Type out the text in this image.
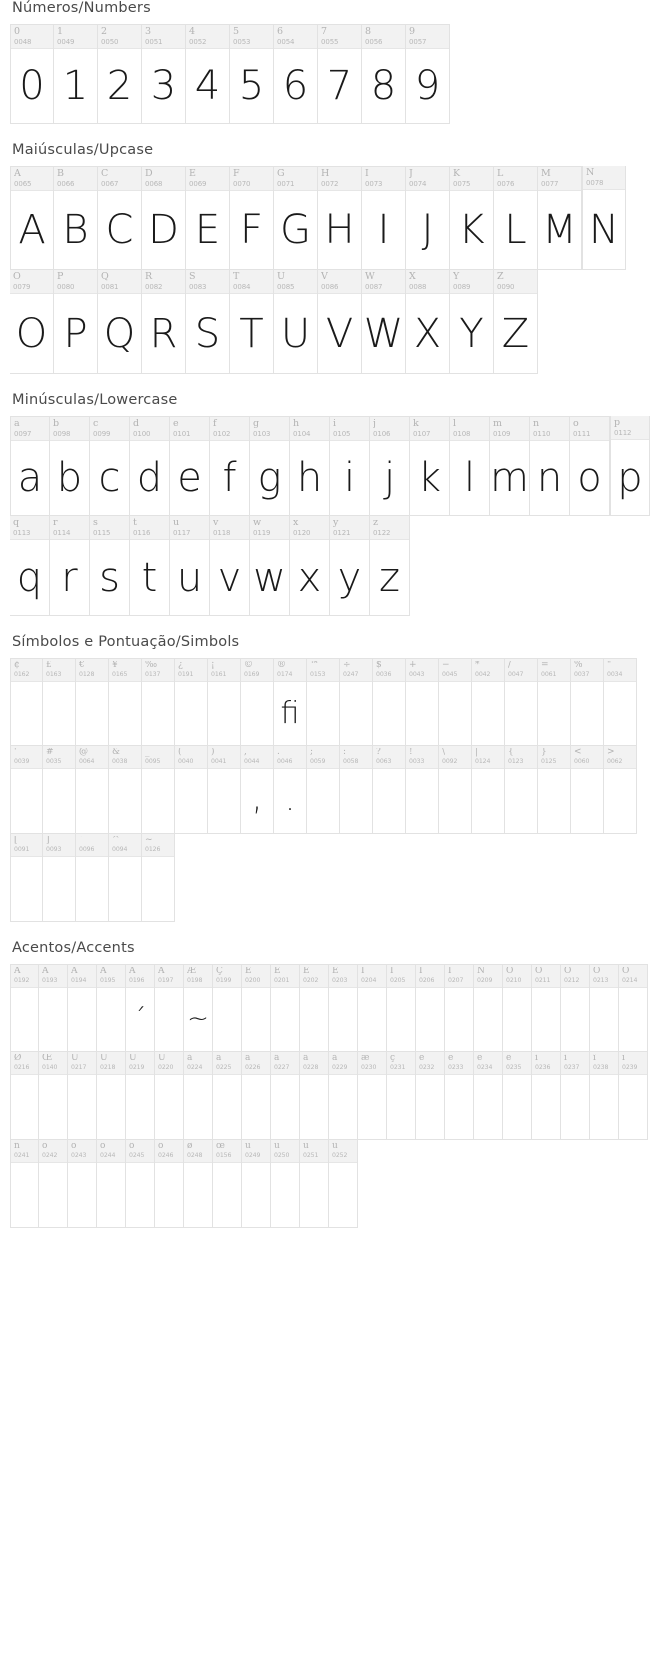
Números/Numbers
0
0048
0
1
0049
1
2
0050
2
3
0051
3
4
0052
4
5
0053
5
6
0054
6
7
0055
7
8
0056
8
9
0057
9
Maiúsculas/Upcase
A
0065
A
B
0066
B
C
0067
C
D
0068
D
E
0069
E
F
0070
F
G
0071
G
H
0072
H
I
0073
I
J
0074
J
K
0075
K
L
0076
L
M
0077
M
N
0078
N
O
0079
O
P
0080
P
Q
0081
Q
R
0082
R
S
0083
S
T
0084
T
U
0085
U
V
0086
V
W
0087
W
X
0088
X
Y
0089
Y
Z
0090
Z
Minúsculas/Lowercase
a
0097
a
b
0098
b
c
0099
c
d
0100
d
e
0101
e
f
0102
f
g
0103
g
h
0104
h
i
0105
i
j
0106
j
k
0107
k
l
0108
l
m
0109
m
n
0110
n
o
0111
o
p
0112
p
q
0113
q
r
0114
r
s
0115
s
t
0116
t
u
0117
u
v
0118
v
w
0119
w
x
0120
x
y
0121
y
z
0122
z
Símbolos e Pontuação/Simbols
¢
0162
£
0163
€
0128
¥
0165
‰
0137
¿
0191
¡
0161
©
0169
®
0174
fi
™
0153
÷
0247
$
0036
+
0043
−
0045
*
0042
/
0047
=
0061
%
0037
"
0034
'
0039
#
0035
@
0064
&
0038
_
0095
(
0040
)
0041
,
0044
‚
.
0046
.
;
0059
:
0058
?
0063
!
0033
\
0092
|
0124
{
0123
}
0125
<
0060
>
0062
[
0091
]
0093
˘
0096
^
0094
~
0126
Acentos/Accents
À
0192
Á
0193
Â
0194
Ã
0195
Ä
0196
´
Å
0197
Æ
0198
~
Ç
0199
È
0200
É
0201
Ê
0202
Ë
0203
Ì
0204
Í
0205
Î
0206
Ï
0207
Ñ
0209
Ò
0210
Ó
0211
Ô
0212
Õ
0213
Ö
0214
Ø
0216
Œ
0140
Ù
0217
Ú
0218
Û
0219
Ü
0220
à
0224
á
0225
â
0226
ã
0227
ä
0228
å
0229
æ
0230
ç
0231
è
0232
é
0233
ê
0234
ë
0235
ì
0236
í
0237
î
0238
ï
0239
ñ
0241
ò
0242
ó
0243
ô
0244
õ
0245
ö
0246
ø
0248
œ
0156
ù
0249
ú
0250
û
0251
ü
0252
